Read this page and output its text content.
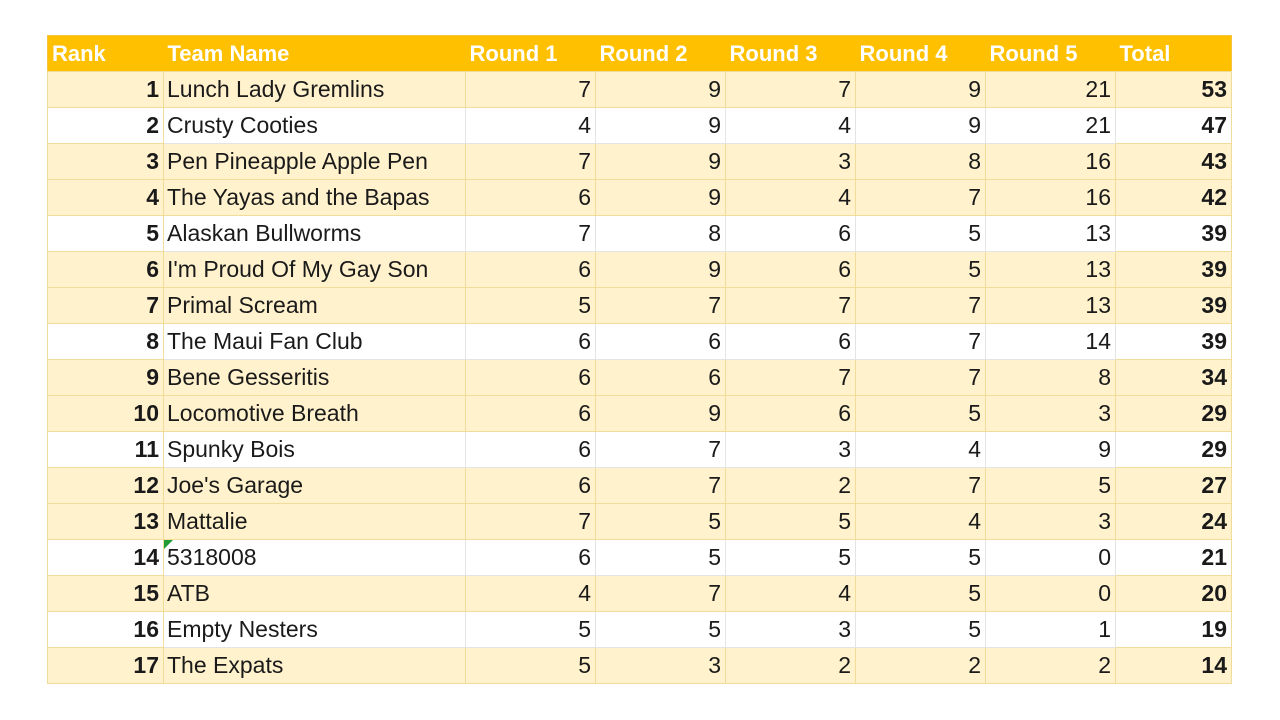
Rank	Team Name	Round 1	Round 2	Round 3	Round 4	Round 5	Total
1	Lunch Lady Gremlins	7	9	7	9	21	53
2	Crusty Cooties	4	9	4	9	21	47
3	Pen Pineapple Apple Pen	7	9	3	8	16	43
4	The Yayas and the Bapas	6	9	4	7	16	42
5	Alaskan Bullworms	7	8	6	5	13	39
6	I'm Proud Of My Gay Son	6	9	6	5	13	39
7	Primal Scream	5	7	7	7	13	39
8	The Maui Fan Club	6	6	6	7	14	39
9	Bene Gesseritis	6	6	7	7	8	34
10	Locomotive Breath	6	9	6	5	3	29
11	Spunky Bois	6	7	3	4	9	29
12	Joe's Garage	6	7	2	7	5	27
13	Mattalie	7	5	5	4	3	24
14	5318008	6	5	5	5	0	21
15	ATB	4	7	4	5	0	20
16	Empty Nesters	5	5	3	5	1	19
17	The Expats	5	3	2	2	2	14
